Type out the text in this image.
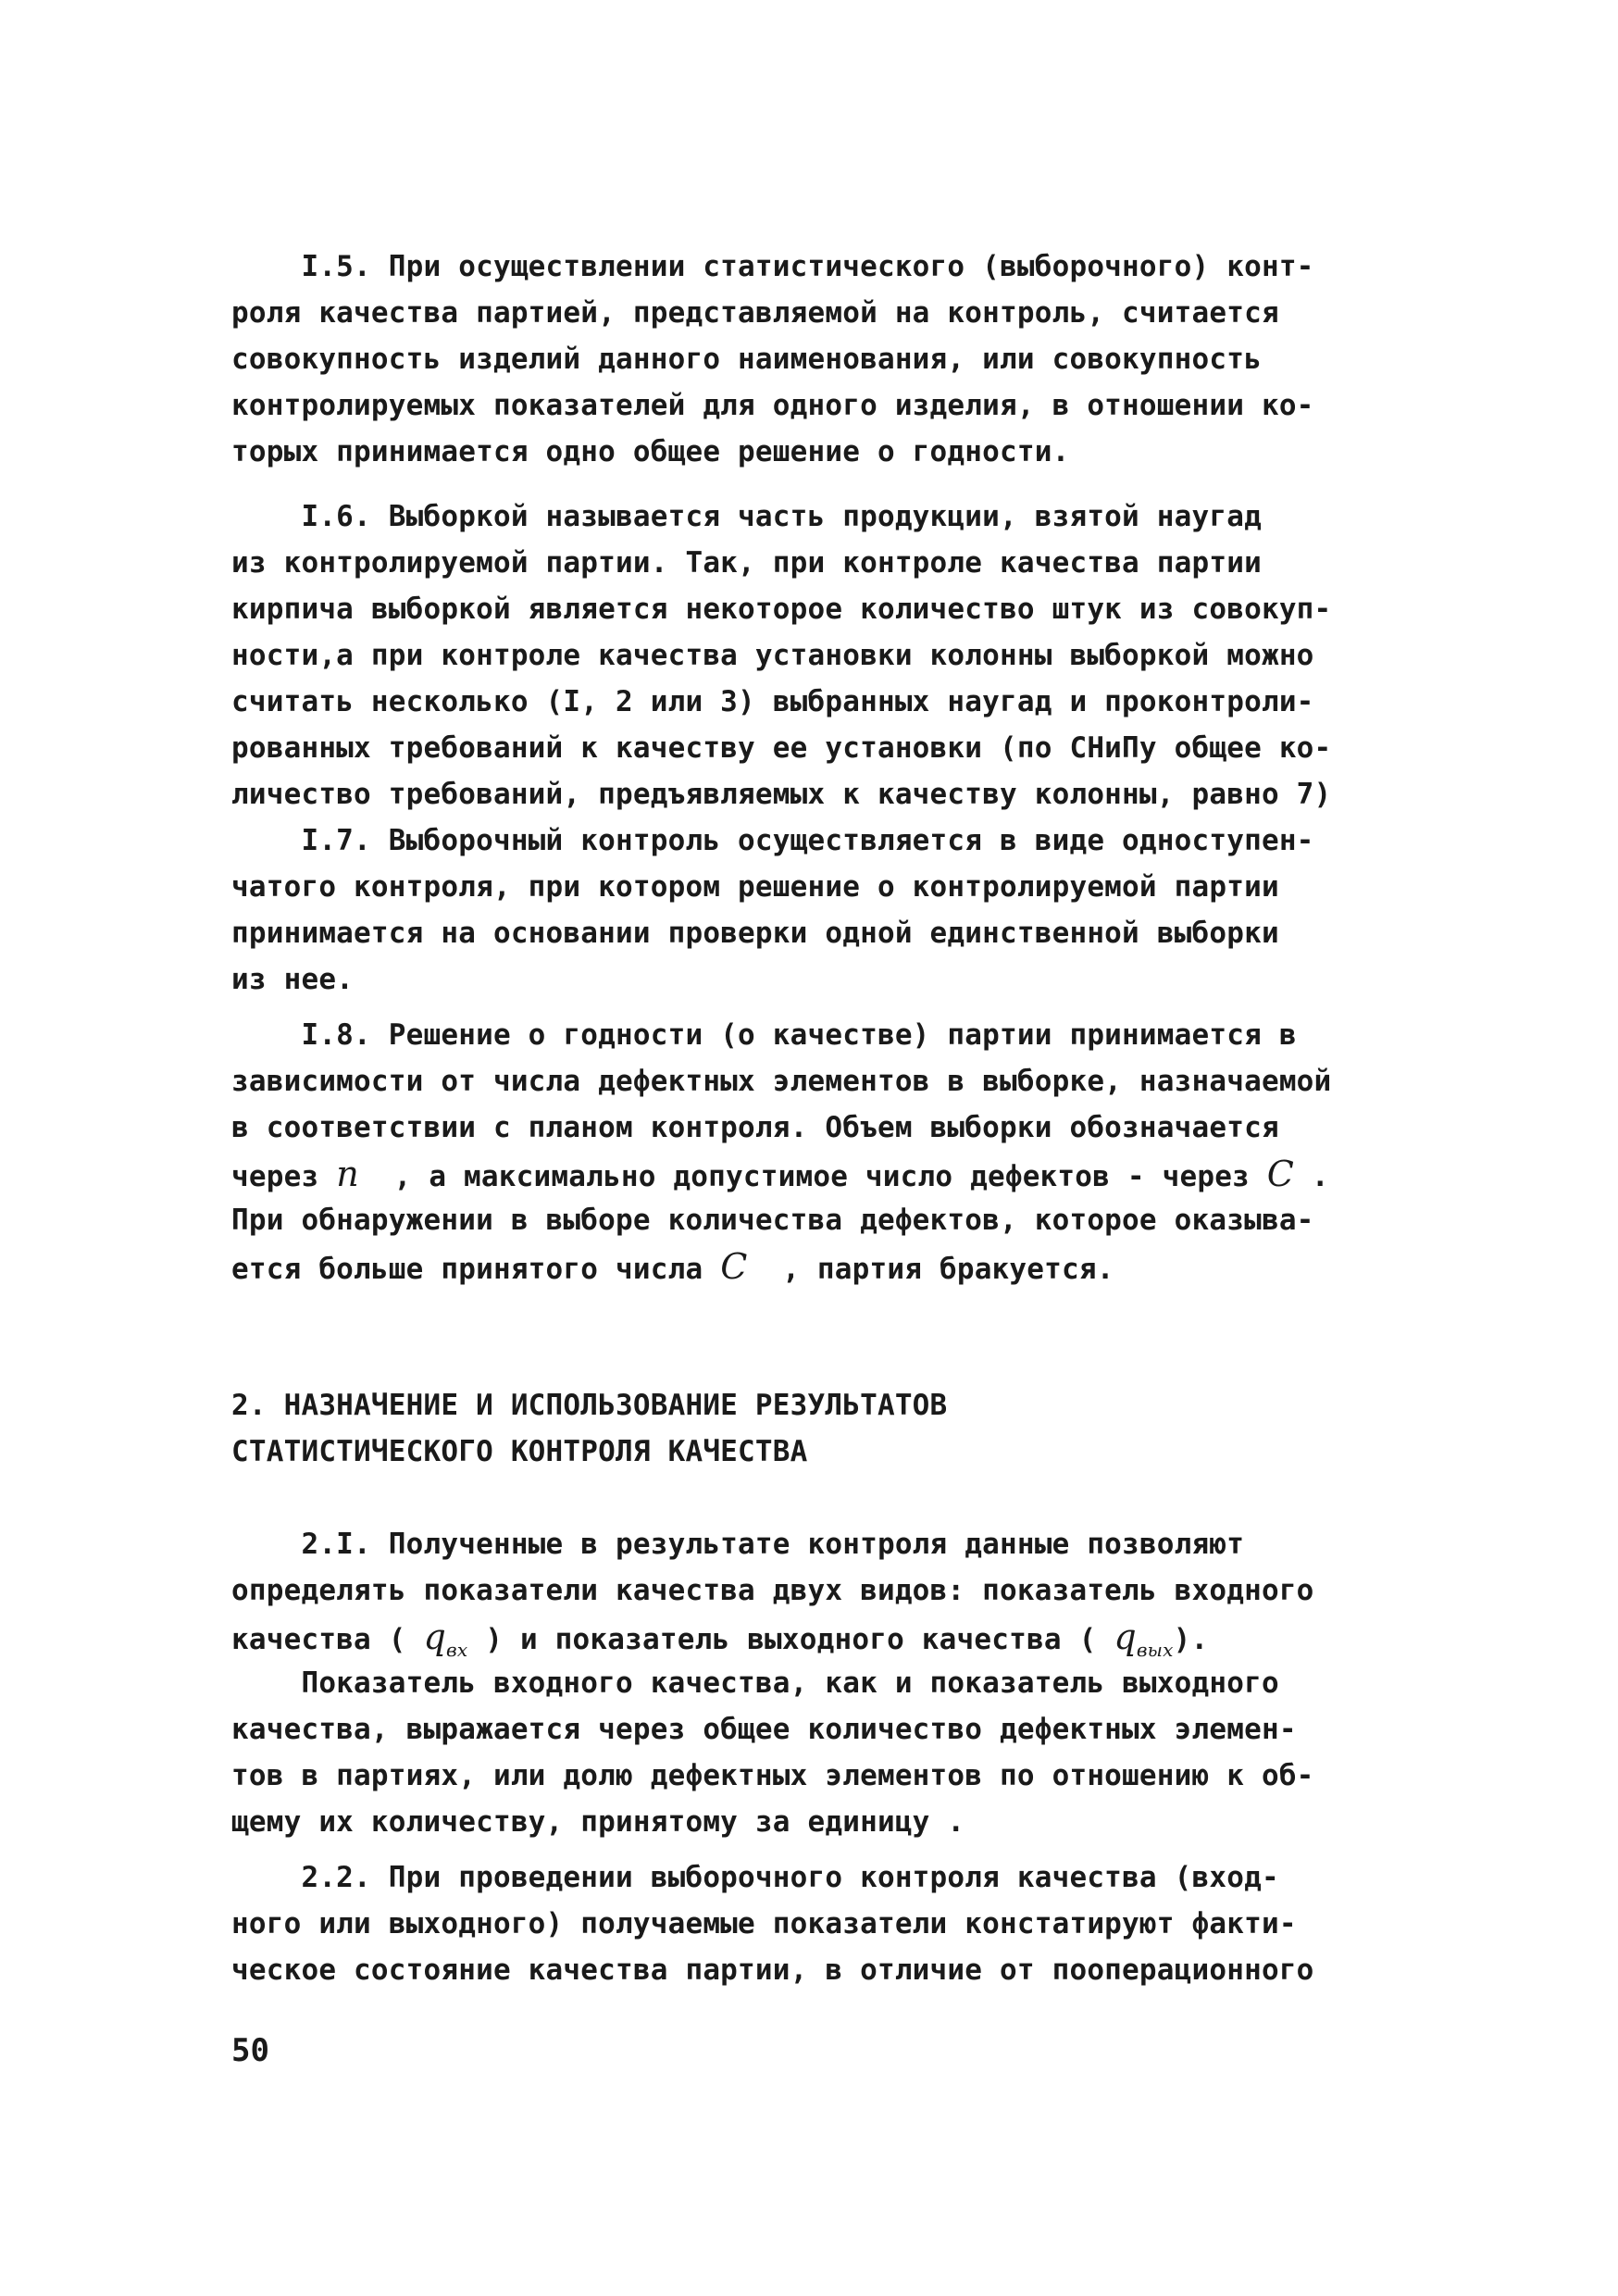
I.5. При осуществлении статистического (выборочного) конт-
роля качества партией, представляемой на контроль, считается
совокупность изделий данного наименования, или совокупность
контролируемых показателей для одного изделия, в отношении ко-
торых принимается одно общее решение о годности.
I.6. Выборкой называется часть продукции, взятой наугад
из контролируемой партии. Так, при контроле качества партии
кирпича выборкой является некоторое количество штук из совокуп-
ности,а при контроле качества установки колонны выборкой можно
считать несколько (I, 2 или 3) выбранных наугад и проконтроли-
рованных требований к качеству ее установки (по СНиПу общее ко-
личество требований, предъявляемых к качеству колонны, равно 7)
I.7. Выборочный контроль осуществляется в виде одноступен-
чатого контроля, при котором решение о контролируемой партии
принимается на основании проверки одной единственной выборки
из нее.
I.8. Решение о годности (о качестве) партии принимается в
зависимости от числа дефектных элементов в выборке, назначаемой
в соответствии с планом контроля. Объем выборки обозначается
через n  , а максимально допустимое число дефектов - через C .
При обнаружении в выборе количества дефектов, которое оказыва-
ется больше принятого числа C  , партия бракуется.
2. НАЗНАЧЕНИЕ И ИСПОЛЬЗОВАНИЕ РЕЗУЛЬТАТОВ
СТАТИСТИЧЕСКОГО КОНТРОЛЯ КАЧЕСТВА
2.I. Полученные в результате контроля данные позволяют
определять показатели качества двух видов: показатель входного
качества ( $q_{вх}$ ) и показатель выходного качества ( $q_{вых}$).
Показатель входного качества, как и показатель выходного
качества, выражается через общее количество дефектных элемен-
тов в партиях, или долю дефектных элементов по отношению к об-
щему их количеству, принятому за единицу .
2.2. При проведении выборочного контроля качества (вход-
ного или выходного) получаемые показатели констатируют факти-
ческое состояние качества партии, в отличие от пооперационного
50
